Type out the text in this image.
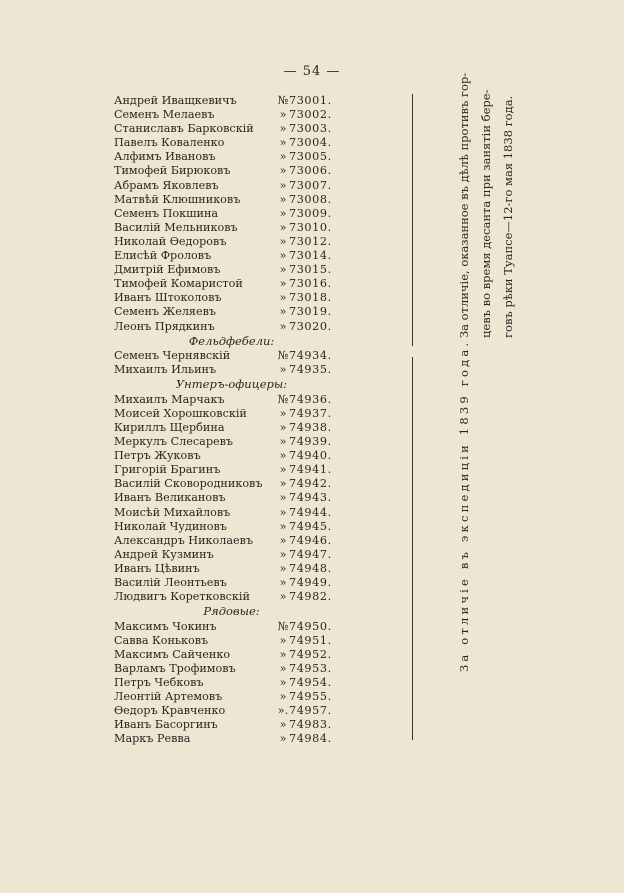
— 54 —
Андрей Иващкевичъ	№ 73001.
Семенъ Мелаевъ	» 73002.
Станиславъ Барковскій	» 73003.
Павелъ Коваленко	» 73004.
Алфимъ Ивановъ	» 73005.
Тимофей Бирюковъ	» 73006.
Абрамъ Яковлевъ	» 73007.
Матвѣй Клюшниковъ	» 73008.
Семенъ Покшина	» 73009.
Василій Мельниковъ	» 73010.
Николай Өедоровъ	» 73012.
Елисѣй Фроловъ	» 73014.
Дмитрій Ефимовъ	» 73015.
Тимофей Комаристой	» 73016.
Иванъ Штоколовъ	» 73018.
Семенъ Желяевъ	» 73019.
Леонъ Прядкинъ	» 73020.
Фельдфебели:
Семенъ Чернявскій	№ 74934.
Михаилъ Ильинъ	» 74935.
Унтеръ-офицеры:
Михаилъ Марчакъ	№ 74936.
Моисей Хорошковскій	» 74937.
Кириллъ Щербина	» 74938.
Меркулъ Слесаревъ	» 74939.
Петръ Жуковъ	» 74940.
Григорій Брагинъ	» 74941.
Василій Сковородниковъ	» 74942.
Иванъ Великановъ	» 74943.
Моисѣй Михайловъ	» 74944.
Николай Чудиновъ	» 74945.
Александръ Николаевъ	» 74946.
Андрей Кузминъ	» 74947.
Иванъ Цѣвинъ	» 74948.
Василій Леонтьевъ	» 74949.
Людвигъ Коретковскій	» 74982.
Рядовые:
Максимъ Чокинъ	№ 74950.
Савва Коньковъ	» 74951.
Максимъ Сайченко	» 74952.
Варламъ Трофимовъ	» 74953.
Петръ Чебковъ	» 74954.
Леонтій Артемовъ	» 74955.
Өедоръ Кравченко	». 74957.
Иванъ Басоргинъ	» 74983.
Маркъ Ревва	» 74984.
За отличіе, оказанное въ дѣлѣ противъ гор- цевъ во время десанта при занятіи бере- говъ рѣки Туапсе—12-го мая 1838 года.
За отличіе въ экспедиціи 1839 года.
